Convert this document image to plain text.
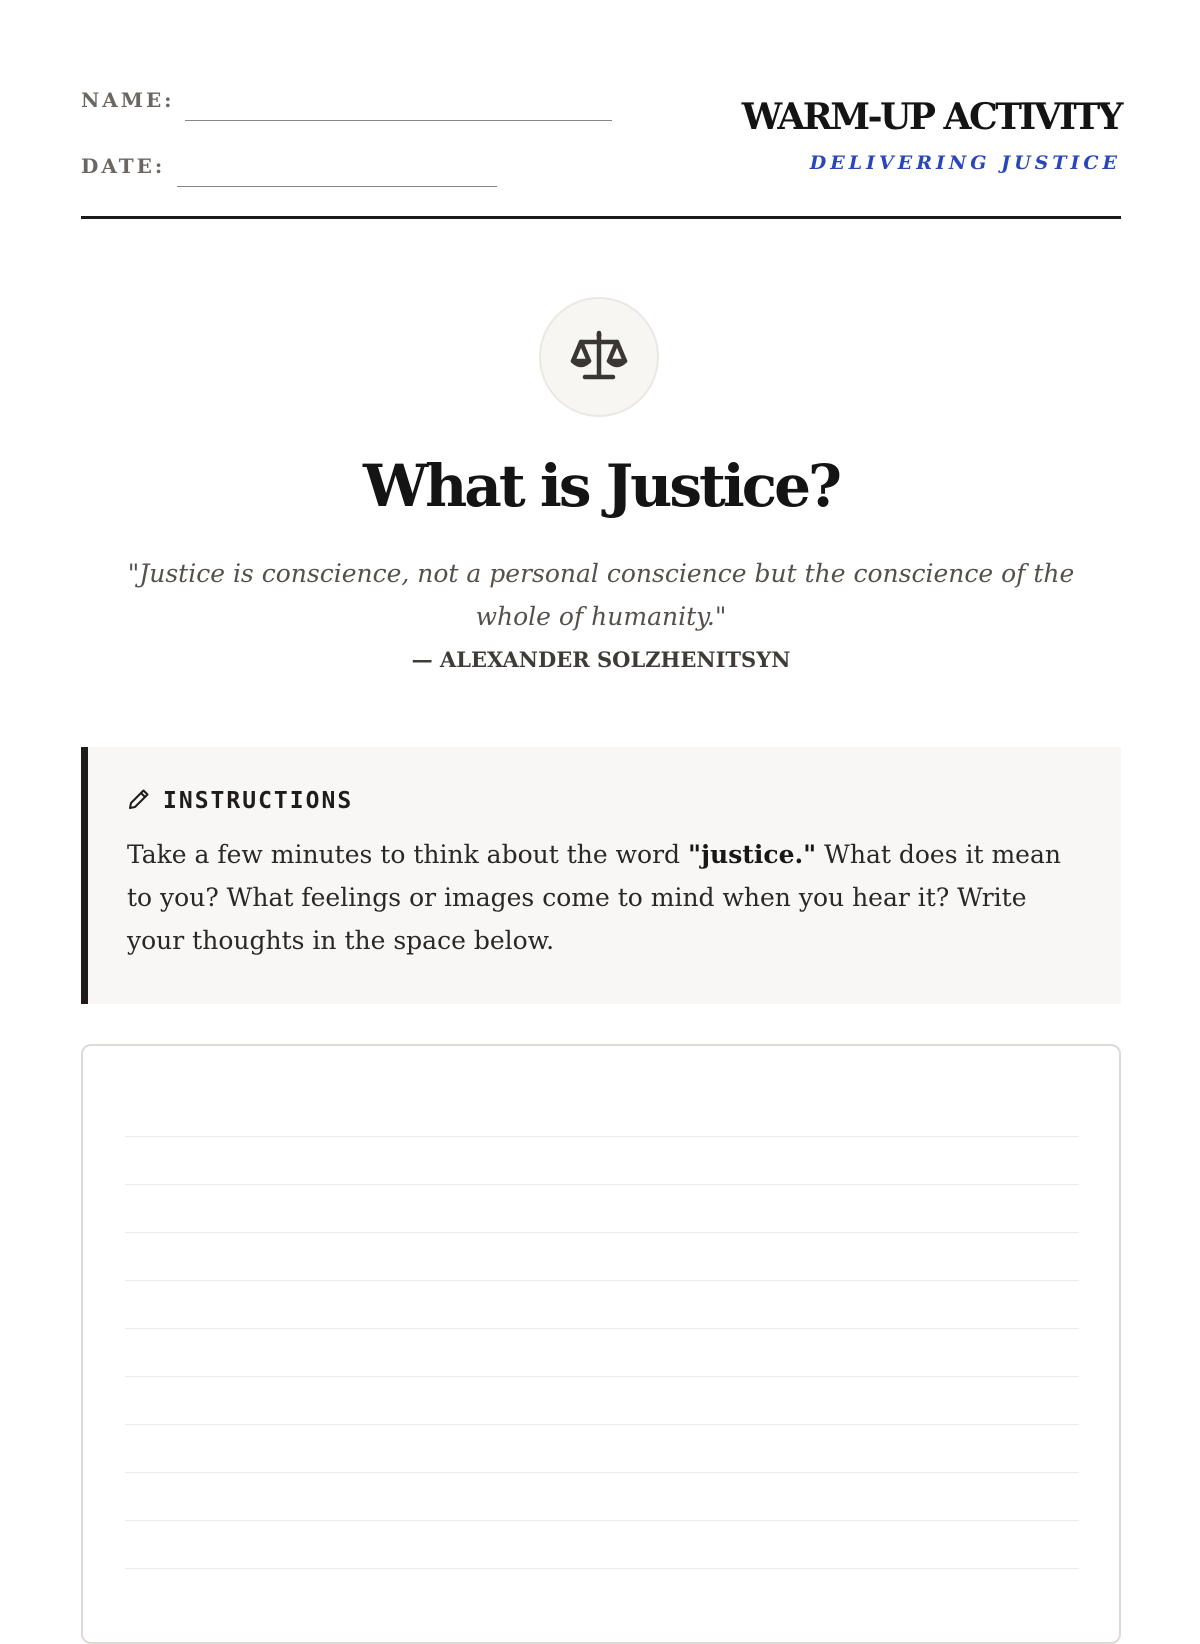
NAME:
DATE:
WARM-UP ACTIVITY
DELIVERING JUSTICE
What is Justice?
"Justice is conscience, not a personal conscience but the conscience of the whole of humanity."
— ALEXANDER SOLZHENITSYN
INSTRUCTIONS
Take a few minutes to think about the word "justice." What does it mean to you? What feelings or images come to mind when you hear it? Write your thoughts in the space below.
